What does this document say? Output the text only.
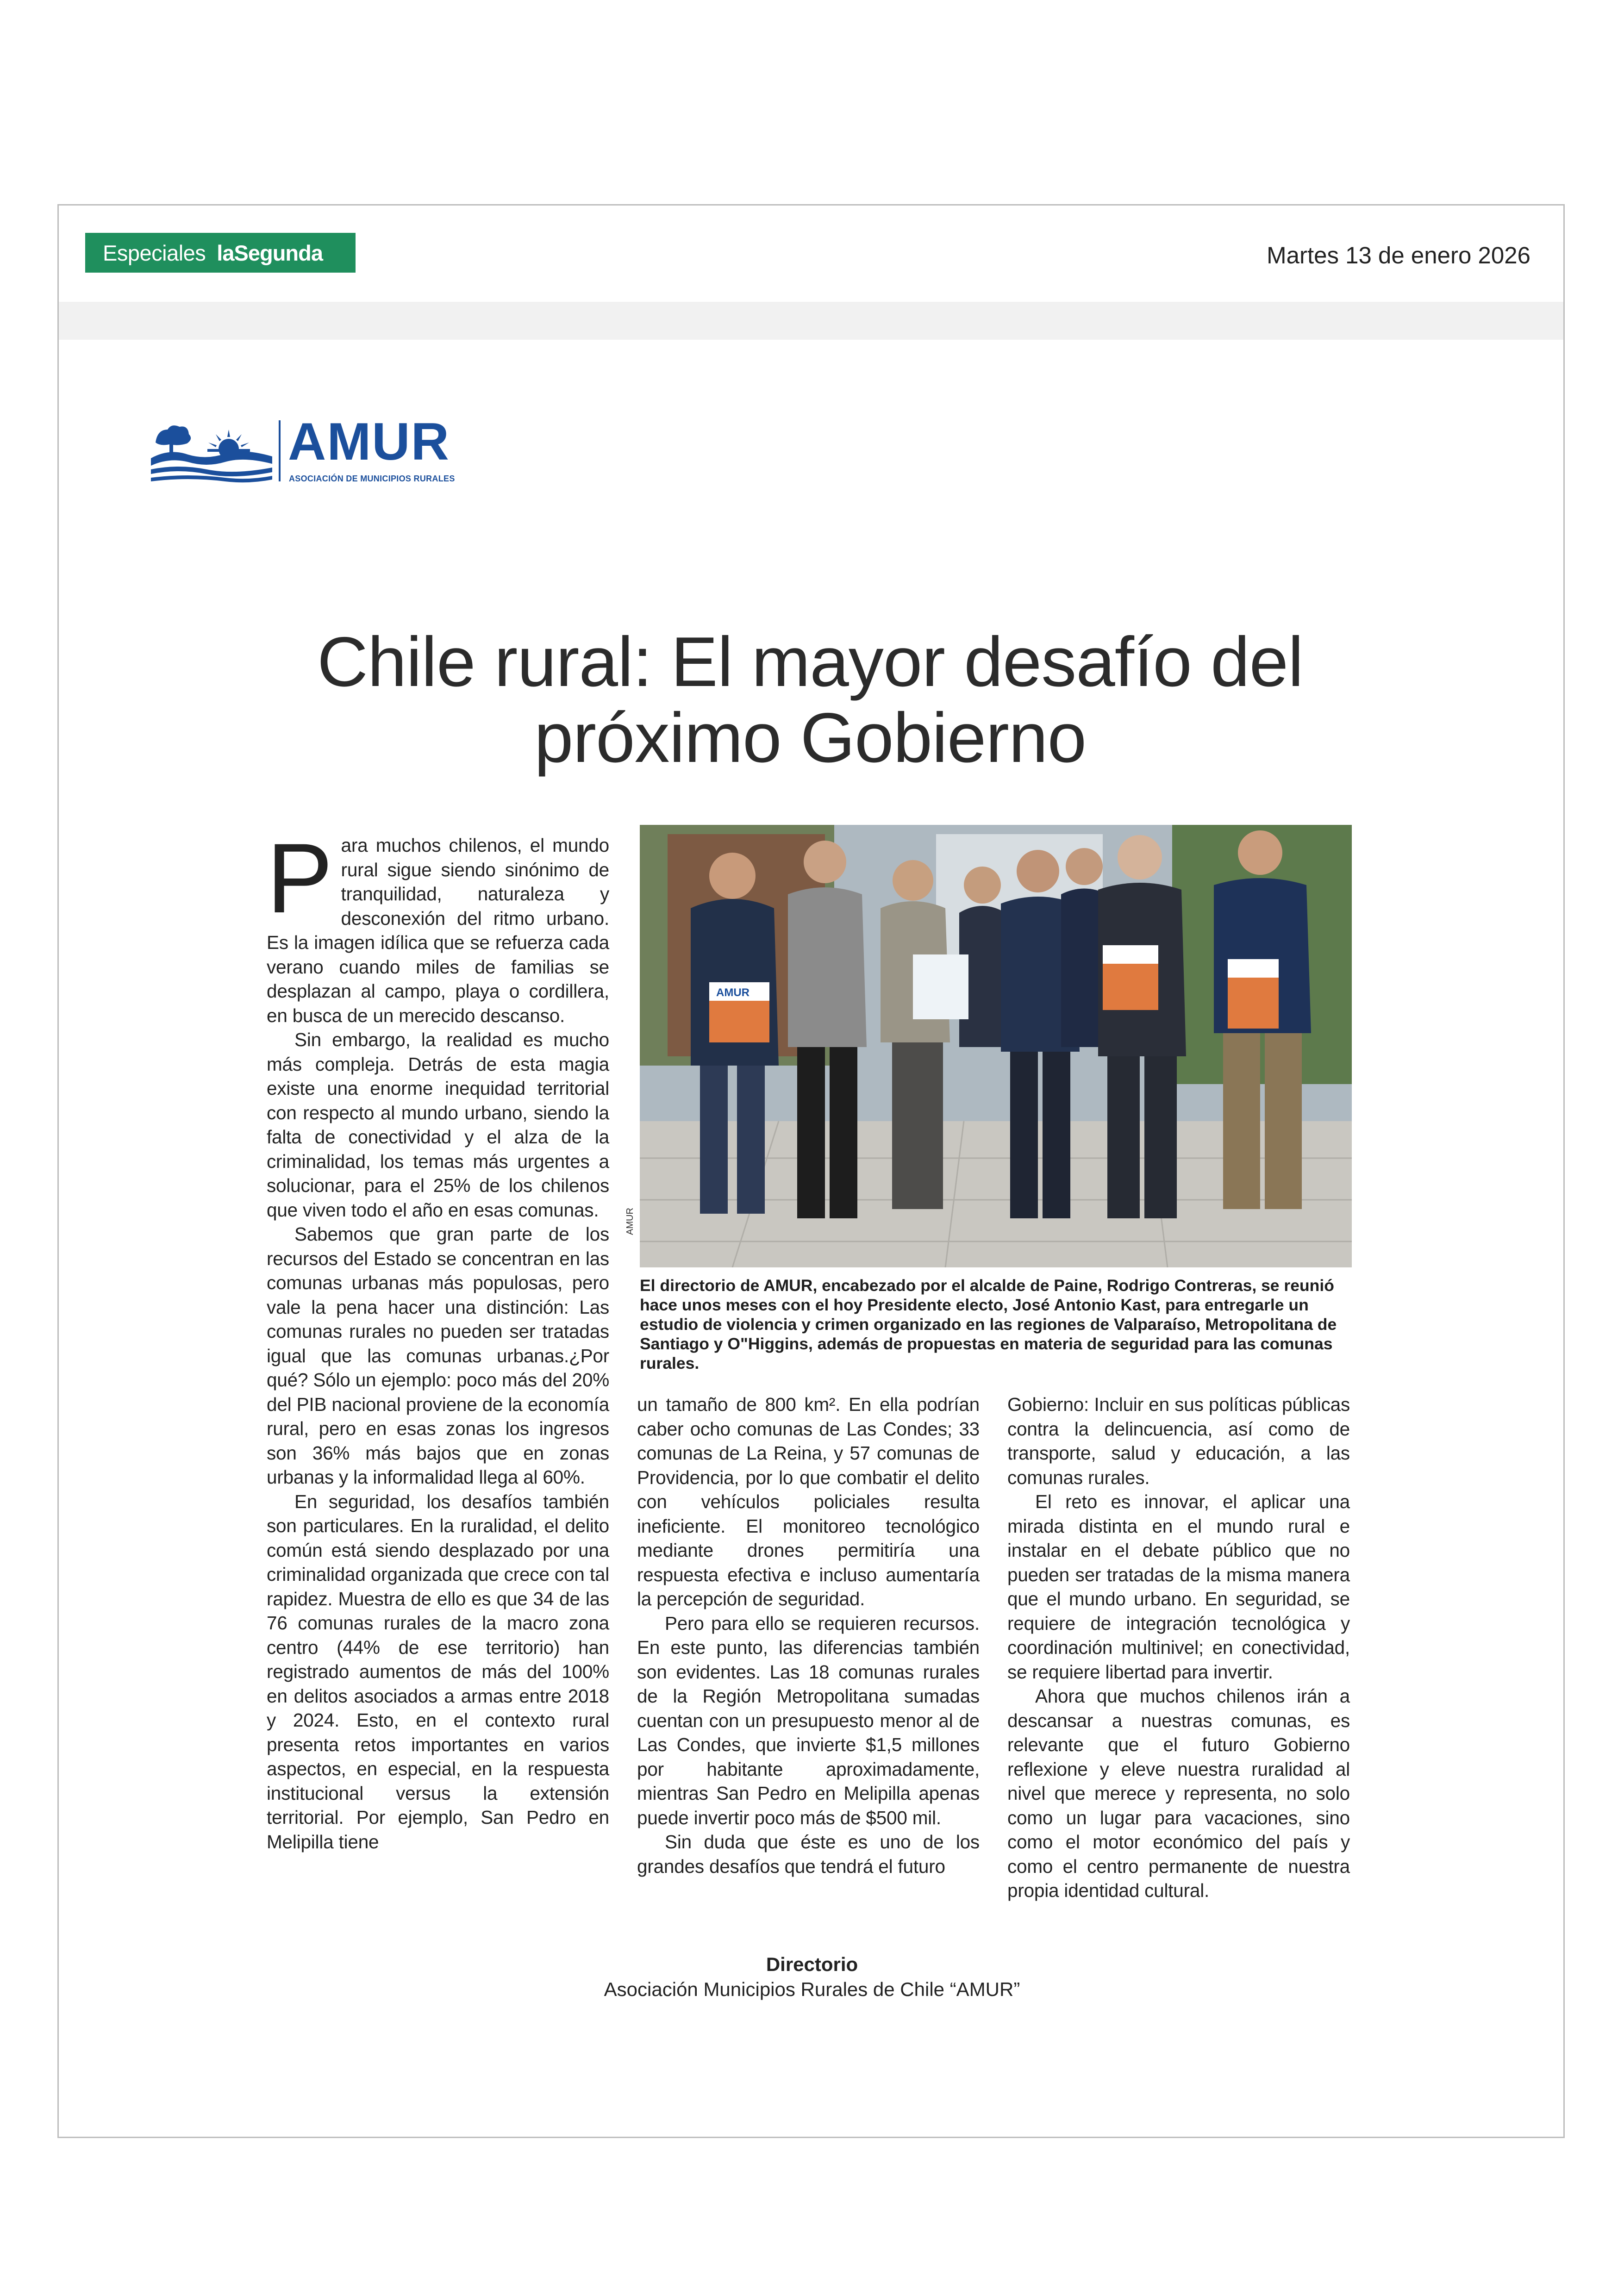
Especiales laSegunda	Martes 13 de enero 2026
AMUR
ASOCIACIÓN DE MUNICIPIOS RURALES
Chile rural: El mayor desafío del
próximo Gobierno

Para muchos chilenos, el mundo rural sigue siendo sinónimo de tranquilidad, naturaleza y desconexión del ritmo urbano. Es la imagen idílica que se refuerza cada verano cuando miles de familias se desplazan al campo, playa o cordillera, en busca de un merecido descanso.

Sin embargo, la realidad es mucho más compleja. Detrás de esta magia existe una enorme inequidad territorial con respecto al mundo urbano, siendo la falta de conectividad y el alza de la criminalidad, los temas más urgentes a solucionar, para el 25% de los chilenos que viven todo el año en esas comunas.

Sabemos que gran parte de los recursos del Estado se concentran en las comunas urbanas más populosas, pero vale la pena hacer una distinción: Las comunas rurales no pueden ser tratadas igual que las comunas urbanas.¿Por qué? Sólo un ejemplo: poco más del 20% del PIB nacional proviene de la economía rural, pero en esas zonas los ingresos son 36% más bajos que en zonas urbanas y la informalidad llega al 60%.

En seguridad, los desafíos también son particulares. En la ruralidad, el delito común está siendo desplazado por una criminalidad organizada que crece con tal rapidez. Muestra de ello es que 34 de las 76 comunas rurales de la macro zona centro (44% de ese territorio) han registrado aumentos de más del 100% en delitos asociados a armas entre 2018 y 2024. Esto, en el contexto rural presenta retos importantes en varios aspectos, en especial, en la respuesta institucional versus la extensión territorial. Por ejemplo, San Pedro en Melipilla tiene

AMUR
AMUR
El directorio de AMUR, encabezado por el alcalde de Paine, Rodrigo Contreras, se reunió hace unos meses con el hoy Presidente electo, José Antonio Kast, para entregarle un estudio de violencia y crimen organizado en las regiones de Valparaíso, Metropolitana de Santiago y O"Higgins, además de propuestas en materia de seguridad para las comunas rurales.

un tamaño de 800 km². En ella podrían caber ocho comunas de Las Condes; 33 comunas de La Reina, y 57 comunas de Providencia, por lo que combatir el delito con vehículos policiales resulta ineficiente. El monitoreo tecnológico mediante drones permitiría una respuesta efectiva e incluso aumentaría la percepción de seguridad.

Pero para ello se requieren recursos. En este punto, las diferencias también son evidentes. Las 18 comunas rurales de la Región Metropolitana sumadas cuentan con un presupuesto menor al de Las Condes, que invierte $1,5 millones por habitante aproximadamente, mientras San Pedro en Melipilla apenas puede invertir poco más de $500 mil.

Sin duda que éste es uno de los grandes desafíos que tendrá el futuro

Gobierno: Incluir en sus políticas públicas contra la delincuencia, así como de transporte, salud y educación, a las comunas rurales.

El reto es innovar, el aplicar una mirada distinta en el mundo rural e instalar en el debate público que no pueden ser tratadas de la misma manera que el mundo urbano. En seguridad, se requiere de integración tecnológica y coordinación multinivel; en conectividad, se requiere libertad para invertir.

Ahora que muchos chilenos irán a descansar a nuestras comunas, es relevante que el futuro Gobierno reflexione y eleve nuestra ruralidad al nivel que merece y representa, no solo como un lugar para vacaciones, sino como el motor económico del país y como el centro permanente de nuestra propia identidad cultural.

Directorio
Asociación Municipios Rurales de Chile “AMUR”
